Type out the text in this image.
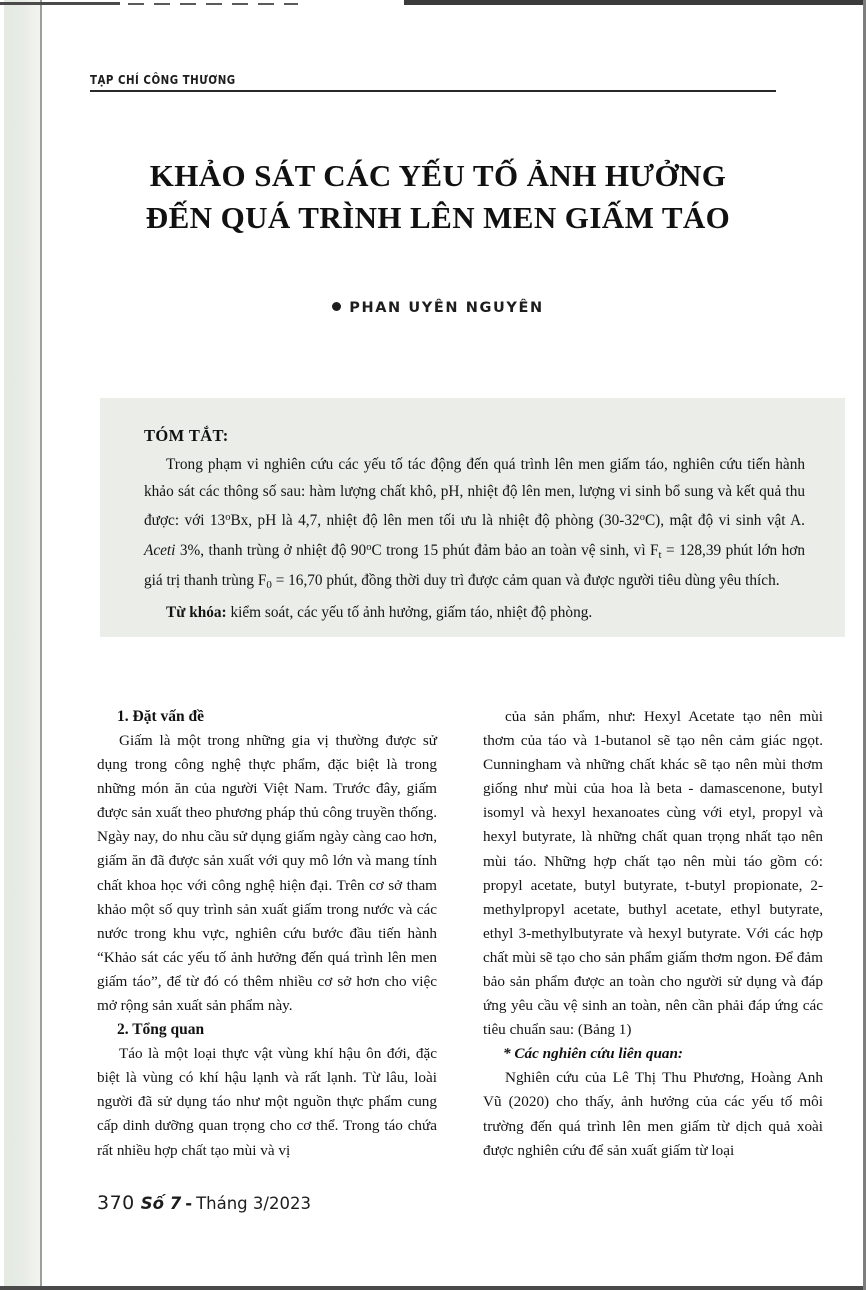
TẠP CHÍ CÔNG THƯƠNG
KHẢO SÁT CÁC YẾU TỐ ẢNH HƯỞNG
ĐẾN QUÁ TRÌNH LÊN MEN GIẤM TÁO
PHAN UYÊN NGUYÊN
TÓM TẮT:

Trong phạm vi nghiên cứu các yếu tố tác động đến quá trình lên men giấm táo, nghiên cứu tiến hành khảo sát các thông số sau: hàm lượng chất khô, pH, nhiệt độ lên men, lượng vi sinh bổ sung và kết quả thu được: với 13$^o$Bx, pH là 4,7, nhiệt độ lên men tối ưu là nhiệt độ phòng (30-32$^o$C), mật độ vi sinh vật A. Aceti 3%, thanh trùng ở nhiệt độ 90$^o$C trong 15 phút đảm bảo an toàn vệ sinh, vì $F_t = 128,39$ phút lớn hơn giá trị thanh trùng $F_0 = 16,70$ phút, đồng thời duy trì được cảm quan và được người tiêu dùng yêu thích.

Từ khóa: kiểm soát, các yếu tố ảnh hưởng, giấm táo, nhiệt độ phòng.

1. Đặt vấn đề

Giấm là một trong những gia vị thường được sử dụng trong công nghệ thực phẩm, đặc biệt là trong những món ăn của người Việt Nam. Trước đây, giấm được sản xuất theo phương pháp thủ công truyền thống. Ngày nay, do nhu cầu sử dụng giấm ngày càng cao hơn, giấm ăn đã được sản xuất với quy mô lớn và mang tính chất khoa học với công nghệ hiện đại. Trên cơ sở tham khảo một số quy trình sản xuất giấm trong nước và các nước trong khu vực, nghiên cứu bước đầu tiến hành “Khảo sát các yếu tố ảnh hưởng đến quá trình lên men giấm táo”, để từ đó có thêm nhiều cơ sở hơn cho việc mở rộng sản xuất sản phẩm này.

2. Tổng quan

Táo là một loại thực vật vùng khí hậu ôn đới, đặc biệt là vùng có khí hậu lạnh và rất lạnh. Từ lâu, loài người đã sử dụng táo như một nguồn thực phẩm cung cấp dinh dưỡng quan trọng cho cơ thể. Trong táo chứa rất nhiều hợp chất tạo mùi và vị

của sản phẩm, như: Hexyl Acetate tạo nên mùi thơm của táo và 1-butanol sẽ tạo nên cảm giác ngọt. Cunningham và những chất khác sẽ tạo nên mùi thơm giống như mùi của hoa là beta - damascenone, butyl isomyl và hexyl hexanoates cùng với etyl, propyl và hexyl butyrate, là những chất quan trọng nhất tạo nên mùi táo. Những hợp chất tạo nên mùi táo gồm có: propyl acetate, butyl butyrate, t-butyl propionate, 2-methylpropyl acetate, buthyl acetate, ethyl butyrate, ethyl 3-methylbutyrate và hexyl butyrate. Với các hợp chất mùi sẽ tạo cho sản phẩm giấm thơm ngon. Để đảm bảo sản phẩm được an toàn cho người sử dụng và đáp ứng yêu cầu vệ sinh an toàn, nên cần phải đáp ứng các tiêu chuẩn sau: (Bảng 1)

* Các nghiên cứu liên quan:

Nghiên cứu của Lê Thị Thu Phương, Hoàng Anh Vũ (2020) cho thấy, ảnh hưởng của các yếu tố môi trường đến quá trình lên men giấm từ dịch quả xoài được nghiên cứu để sản xuất giấm từ loại

370 Số 7 - Tháng 3/2023
